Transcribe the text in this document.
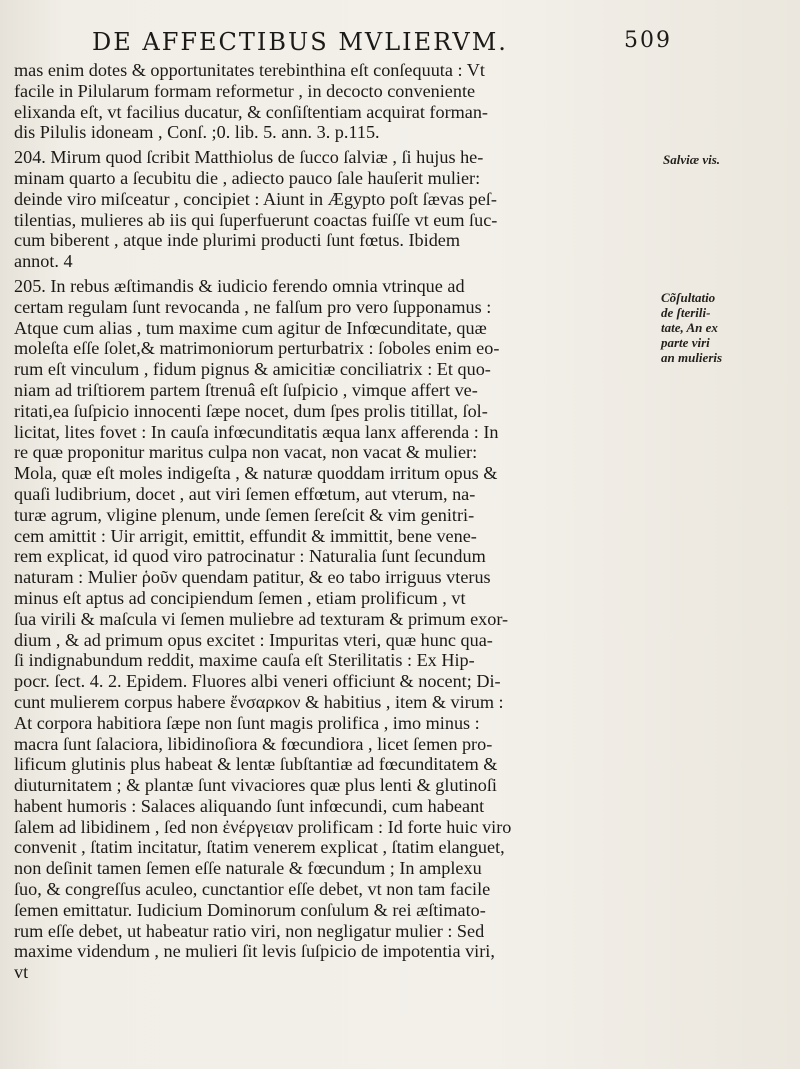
DE AFFECTIBUS MVLIERVM.	509
mas enim dotes & opportunitates terebinthina eſt conſequuta : Vt
facile in Pilularum formam reformetur , in decocto conveniente
elixanda eſt, vt facilius ducatur, & conſiſtentiam acquirat forman-
dis Pilulis idoneam , Conſ. ;0. lib. 5. ann. 3. p.115.
204. Mirum quod ſcribit Matthiolus de ſucco ſalviæ , ſi hujus he-
minam quarto a ſecubitu die , adiecto pauco ſale hauſerit mulier:
deinde viro miſceatur , concipiet : Aiunt in Ægypto poſt ſævas peſ-
tilentias, mulieres ab iis qui ſuperfuerunt coactas fuiſſe vt eum ſuc-
cum biberent , atque inde plurimi producti ſunt fœtus. Ibidem
annot. 4
205. In rebus æſtimandis & iudicio ferendo omnia vtrinque ad
certam regulam ſunt revocanda , ne falſum pro vero ſupponamus :
Atque cum alias , tum maxime cum agitur de Infœcunditate, quæ
moleſta eſſe ſolet,& matrimoniorum perturbatrix : ſoboles enim eo-
rum eſt vinculum , fidum pignus & amicitiæ conciliatrix : Et quo-
niam ad triſtiorem partem ſtrenuâ eſt ſuſpicio , vimque affert ve-
ritati,ea ſuſpicio innocenti ſæpe nocet, dum ſpes prolis titillat, ſol-
licitat, lites fovet : In cauſa infœcunditatis æqua lanx afferenda : In
re quæ proponitur maritus culpa non vacat, non vacat & mulier:
Mola, quæ eſt moles indigeſta , & naturæ quoddam irritum opus &
quaſi ludibrium, docet , aut viri ſemen effœtum, aut vterum, na-
turæ agrum, vligine plenum, unde ſemen ſereſcit & vim genitri-
cem amittit : Uir arrigit, emittit, effundit & immittit, bene vene-
rem explicat, id quod viro patrocinatur : Naturalia ſunt ſecundum
naturam : Mulier ῥοῦν quendam patitur, & eo tabo irriguus vterus
minus eſt aptus ad concipiendum ſemen , etiam prolificum , vt
ſua virili & maſcula vi ſemen muliebre ad texturam & primum exor-
dium , & ad primum opus excitet : Impuritas vteri, quæ hunc qua-
ſi indignabundum reddit, maxime cauſa eſt Sterilitatis : Ex Hip-
pocr. ſect. 4. 2. Epidem. Fluores albi veneri officiunt & nocent; Di-
cunt mulierem corpus habere ἔνσαρκον & habitius , item & virum :
At corpora habitiora ſæpe non ſunt magis prolifica , imo minus :
macra ſunt ſalaciora, libidinoſiora & fœcundiora , licet ſemen pro-
lificum glutinis plus habeat & lentæ ſubſtantiæ ad fœcunditatem &
diuturnitatem ; & plantæ ſunt vivaciores quæ plus lenti & glutinoſi
habent humoris : Salaces aliquando ſunt infœcundi, cum habeant
ſalem ad libidinem , ſed non ἐνέργειαν prolificam : Id forte huic viro
convenit , ſtatim incitatur, ſtatim venerem explicat , ſtatim elanguet,
non deſinit tamen ſemen eſſe naturale & fœcundum ; In amplexu
ſuo, & congreſſus aculeo, cunctantior eſſe debet, vt non tam facile
ſemen emittatur. Iudicium Dominorum conſulum & rei æſtimato-
rum eſſe debet, ut habeatur ratio viri, non negligatur mulier : Sed
maxime videndum , ne mulieri ſit levis ſuſpicio de impotentia viri,
vt
Salviæ vis.
Cõſultatio
de ſterili-
tate, An ex
parte viri
an mulieris
